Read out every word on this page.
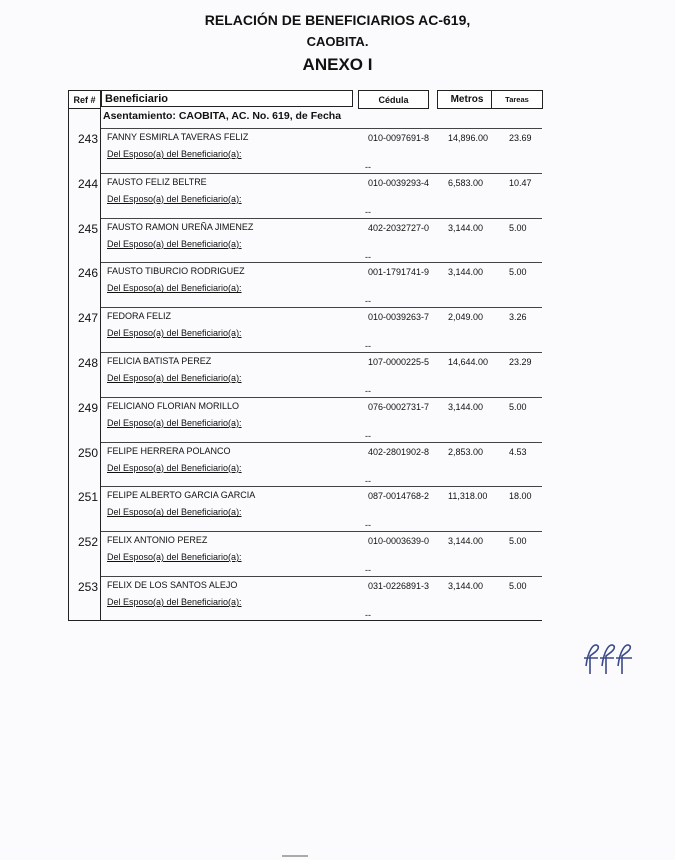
RELACIÓN DE BENEFICIARIOS AC-619,
CAOBITA.
ANEXO I
Ref # Beneficiario	Cédula	Metros	Tareas
Asentamiento: CAOBITA, AC. No. 619, de Fecha
243 FANNY ESMIRLA TAVERAS FELIZ	010-0097691-8 14,896.00 23.69
Del Esposo(a) del Beneficiario(a):
--
244 FAUSTO FELIZ BELTRE	010-0039293-4 6,583.00	10.47
Del Esposo(a) del Beneficiario(a):
--
245 FAUSTO RAMON UREÑA JIMENEZ	402-2032727-0 3,144.00	5.00
Del Esposo(a) del Beneficiario(a):
--
246 FAUSTO TIBURCIO RODRIGUEZ	001-1791741-9 3,144.00	5.00
Del Esposo(a) del Beneficiario(a):
--
247 FEDORA FELIZ	010-0039263-7 2,049.00	3.26
Del Esposo(a) del Beneficiario(a):
--
248 FELICIA BATISTA PEREZ	107-0000225-5 14,644.00 23.29
Del Esposo(a) del Beneficiario(a):
--
249 FELICIANO FLORIAN MORILLO	076-0002731-7 3,144.00	5.00
Del Esposo(a) del Beneficiario(a):
--
250 FELIPE HERRERA POLANCO	402-2801902-8 2,853.00	4.53
Del Esposo(a) del Beneficiario(a):
--
251 FELIPE ALBERTO GARCIA GARCIA	087-0014768-2 11,318.00 18.00
Del Esposo(a) del Beneficiario(a):
--
252 FELIX ANTONIO PEREZ	010-0003639-0 3,144.00	5.00
Del Esposo(a) del Beneficiario(a):
--
253 FELIX DE LOS SANTOS ALEJO	031-0226891-3 3,144.00	5.00
Del Esposo(a) del Beneficiario(a):
--
